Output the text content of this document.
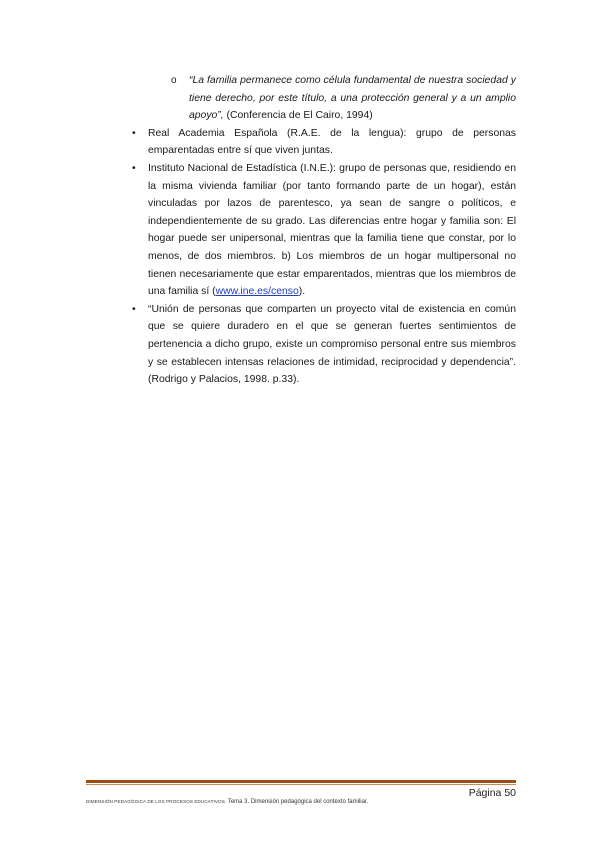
o “La familia permanece como célula fundamental de nuestra sociedad y tiene derecho, por este título, a una protección general y a un amplio apoyo”, (Conferencia de El Cairo, 1994)
• Real Academia Española (R.A.E. de la lengua): grupo de personas emparentadas entre sí que viven juntas.
• Instituto Nacional de Estadística (I.N.E.): grupo de personas que, residiendo en la misma vivienda familiar (por tanto formando parte de un hogar), están vinculadas por lazos de parentesco, ya sean de sangre o políticos, e independientemente de su grado. Las diferencias entre hogar y familia son: El hogar puede ser unipersonal, mientras que la familia tiene que constar, por lo menos, de dos miembros. b) Los miembros de un hogar multipersonal no tienen necesariamente que estar emparentados, mientras que los miembros de una familia sí (www.ine.es/censo).
• “Unión de personas que comparten un proyecto vital de existencia en común que se quiere duradero en el que se generan fuertes sentimientos de pertenencia a dicho grupo, existe un compromiso personal entre sus miembros y se establecen intensas relaciones de intimidad, reciprocidad y dependencia”. (Rodrigo y Palacios, 1998. p.33).
DIMENSIÓN PEDAGÓGICA DE LOS PROCESOS EDUCATIVOS. Tema 3. Dimensión pedagógica del contexto familiar.
Página 50
